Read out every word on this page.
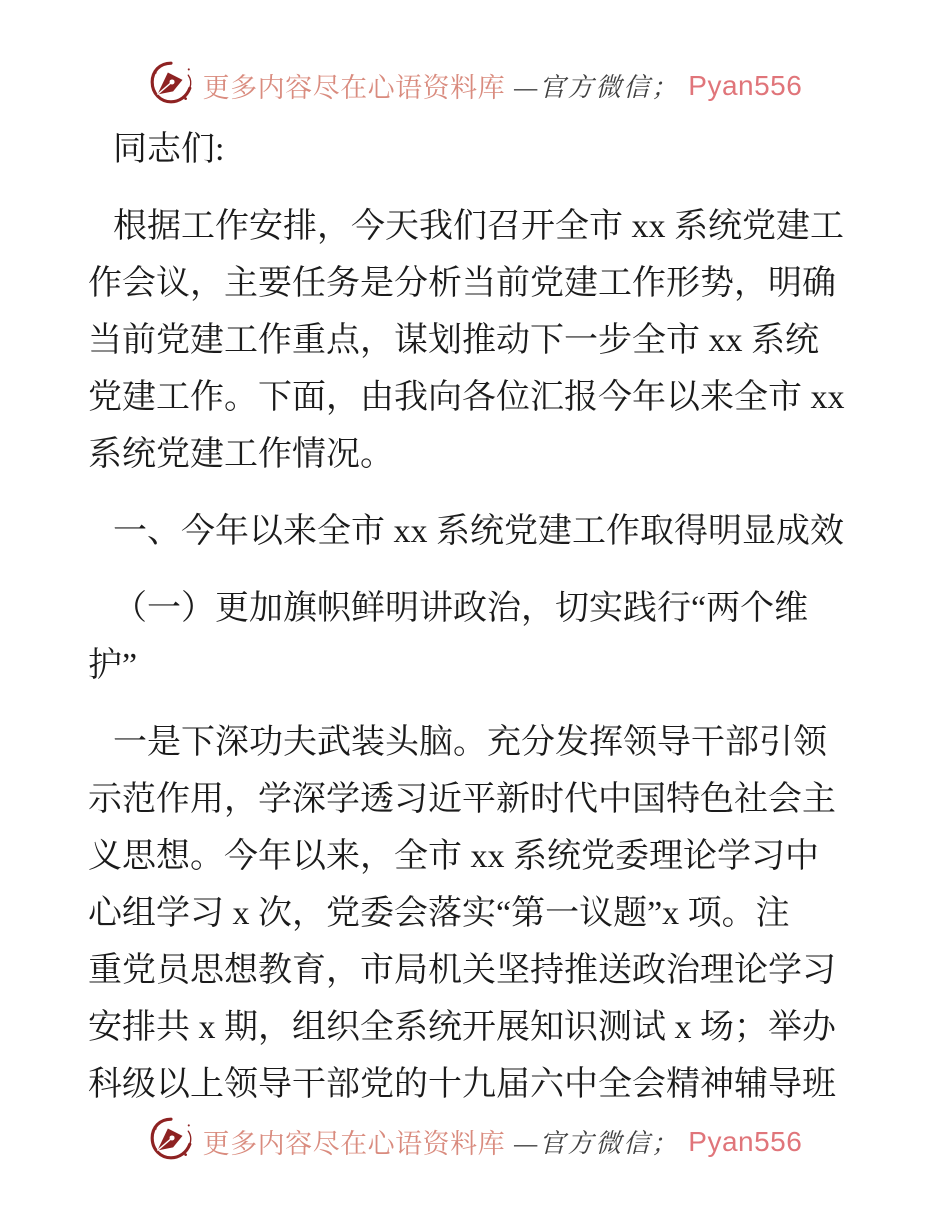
更多内容尽在心语资料库 —官方微信； Pyan556
同志们:
根据工作安排，今天我们召开全市 xx 系统党建工
作会议，主要任务是分析当前党建工作形势，明确
当前党建工作重点，谋划推动下一步全市 xx 系统
党建工作。下面，由我向各位汇报今年以来全市 xx
系统党建工作情况。
一、今年以来全市 xx 系统党建工作取得明显成效
（一）更加旗帜鲜明讲政治，切实践行“两个维
护”
一是下深功夫武装头脑。充分发挥领导干部引领
示范作用，学深学透习近平新时代中国特色社会主
义思想。今年以来，全市 xx 系统党委理论学习中
心组学习 x 次，党委会落实“第一议题”x 项。注
重党员思想教育，市局机关坚持推送政治理论学习
安排共 x 期，组织全系统开展知识测试 x 场；举办
科级以上领导干部党的十九届六中全会精神辅导班
更多内容尽在心语资料库 —官方微信； Pyan556
